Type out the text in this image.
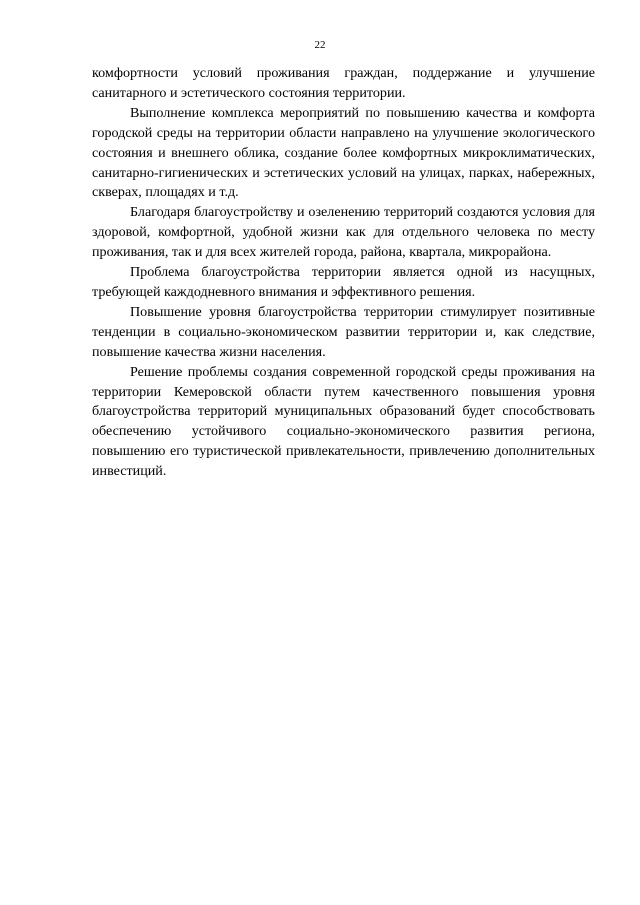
22

комфортности условий проживания граждан, поддержание и улучшение санитарного и эстетического состояния территории.

Выполнение комплекса мероприятий по повышению качества и комфорта городской среды на территории области направлено на улучшение экологического состояния и внешнего облика, создание более комфортных микроклиматических, санитарно-гигиенических и эстетических условий на улицах, парках, набережных, скверах, площадях и т.д.

Благодаря благоустройству и озеленению территорий создаются условия для здоровой, комфортной, удобной жизни как для отдельного человека по месту проживания, так и для всех жителей города, района, квартала, микрорайона.

Проблема благоустройства территории является одной из насущных, требующей каждодневного внимания и эффективного решения.

Повышение уровня благоустройства территории стимулирует позитивные тенденции в социально-экономическом развитии территории и, как следствие, повышение качества жизни населения.

Решение проблемы создания современной городской среды проживания на территории Кемеровской области путем качественного повышения уровня благоустройства территорий муниципальных образований будет способствовать обеспечению устойчивого социально-экономического развития региона, повышению его туристической привлекательности, привлечению дополнительных инвестиций.
